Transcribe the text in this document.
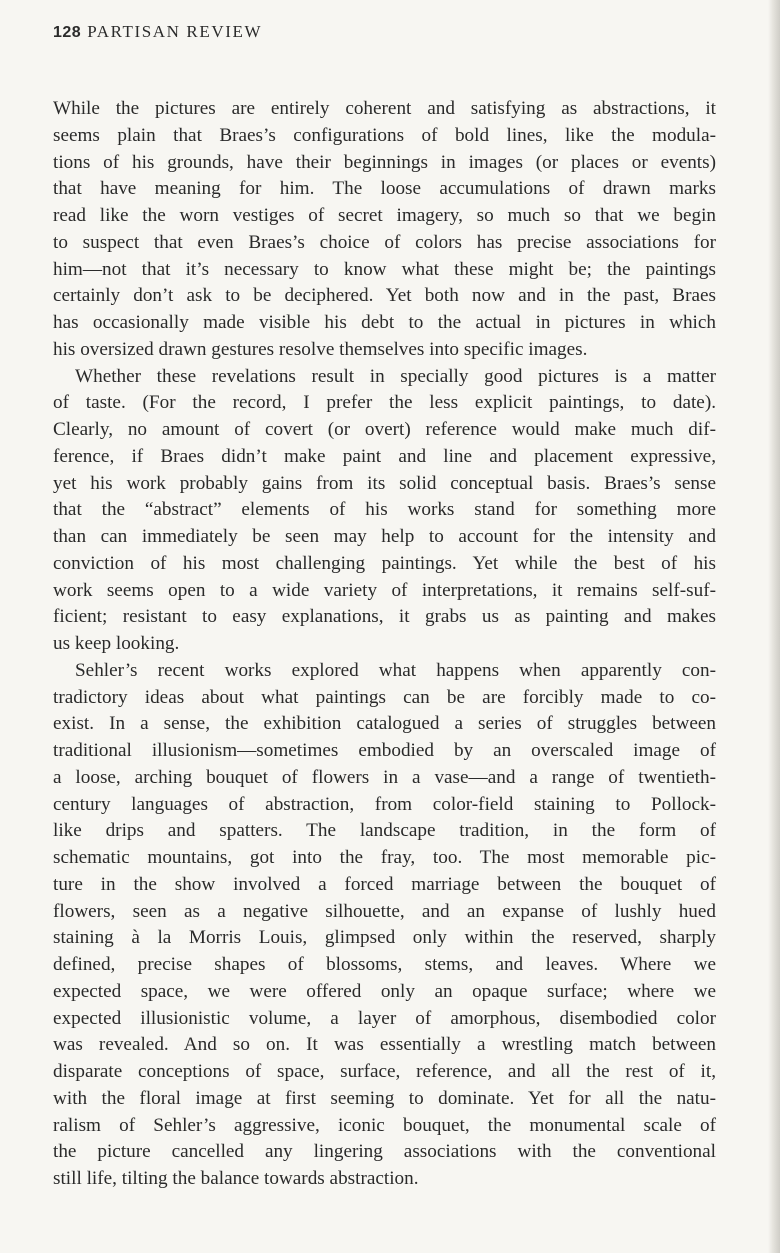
128 PARTISAN REVIEW
While the pictures are entirely coherent and satisfying as abstractions, it
seems plain that Braes’s configurations of bold lines, like the modula-
tions of his grounds, have their beginnings in images (or places or events)
that have meaning for him. The loose accumulations of drawn marks
read like the worn vestiges of secret imagery, so much so that we begin
to suspect that even Braes’s choice of colors has precise associations for
him—not that it’s necessary to know what these might be; the paintings
certainly don’t ask to be deciphered. Yet both now and in the past, Braes
has occasionally made visible his debt to the actual in pictures in which
his oversized drawn gestures resolve themselves into specific images.
Whether these revelations result in specially good pictures is a matter
of taste. (For the record, I prefer the less explicit paintings, to date).
Clearly, no amount of covert (or overt) reference would make much dif-
ference, if Braes didn’t make paint and line and placement expressive,
yet his work probably gains from its solid conceptual basis. Braes’s sense
that the “abstract” elements of his works stand for something more
than can immediately be seen may help to account for the intensity and
conviction of his most challenging paintings. Yet while the best of his
work seems open to a wide variety of interpretations, it remains self-suf-
ficient; resistant to easy explanations, it grabs us as painting and makes
us keep looking.
Sehler’s recent works explored what happens when apparently con-
tradictory ideas about what paintings can be are forcibly made to co-
exist. In a sense, the exhibition catalogued a series of struggles between
traditional illusionism—sometimes embodied by an overscaled image of
a loose, arching bouquet of flowers in a vase—and a range of twentieth-
century languages of abstraction, from color-field staining to Pollock-
like drips and spatters. The landscape tradition, in the form of
schematic mountains, got into the fray, too. The most memorable pic-
ture in the show involved a forced marriage between the bouquet of
flowers, seen as a negative silhouette, and an expanse of lushly hued
staining à la Morris Louis, glimpsed only within the reserved, sharply
defined, precise shapes of blossoms, stems, and leaves. Where we
expected space, we were offered only an opaque surface; where we
expected illusionistic volume, a layer of amorphous, disembodied color
was revealed. And so on. It was essentially a wrestling match between
disparate conceptions of space, surface, reference, and all the rest of it,
with the floral image at first seeming to dominate. Yet for all the natu-
ralism of Sehler’s aggressive, iconic bouquet, the monumental scale of
the picture cancelled any lingering associations with the conventional
still life, tilting the balance towards abstraction.
